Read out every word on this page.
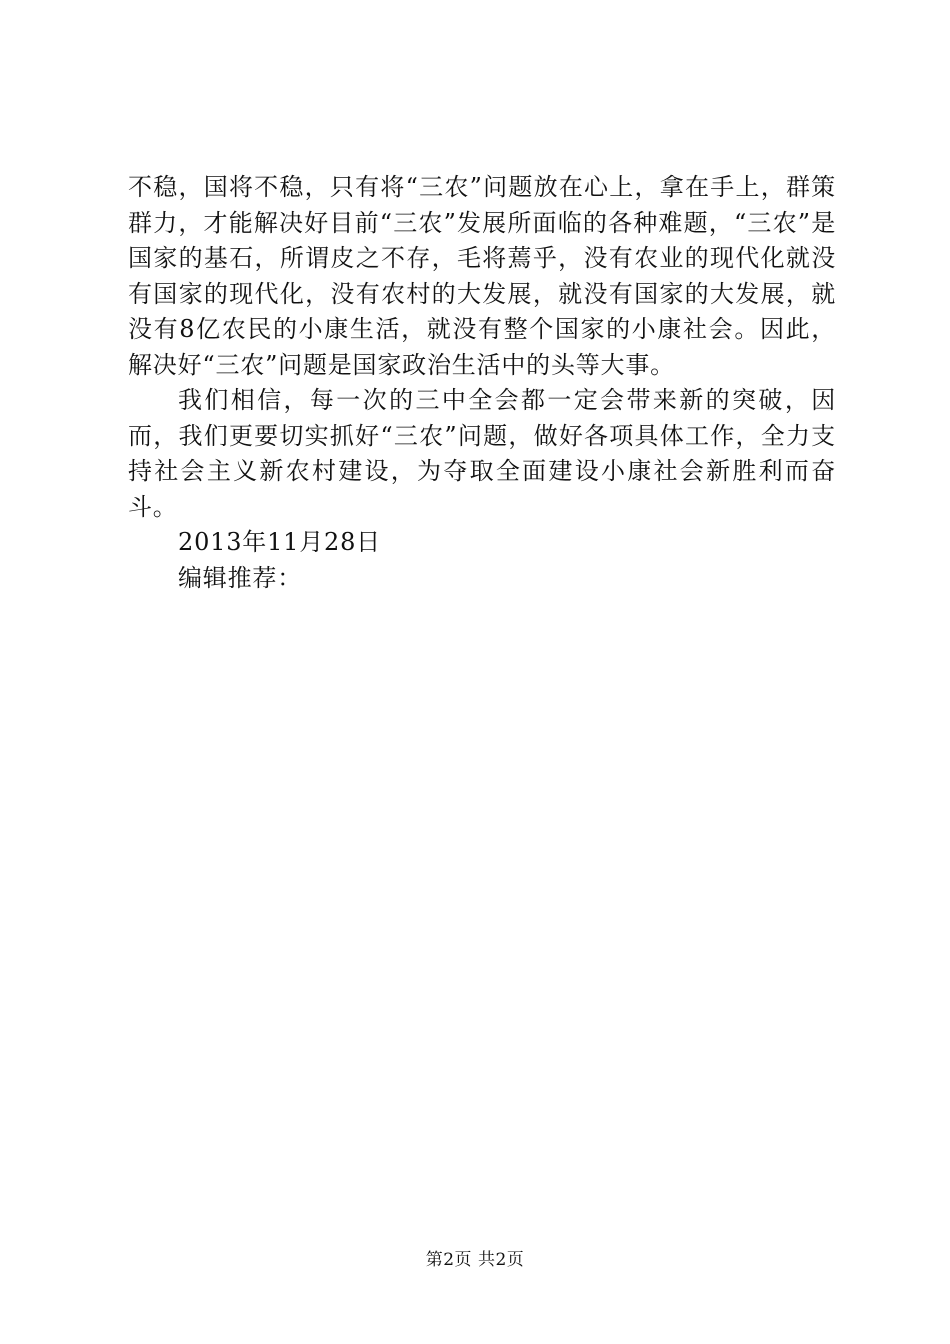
不稳，国将不稳，只有将“三农”问题放在心上，拿在手上，群策群力，才能解决好目前“三农”发展所面临的各种难题，“三农”是国家的基石，所谓皮之不存，毛将蔫乎，没有农业的现代化就没有国家的现代化，没有农村的大发展，就没有国家的大发展，就没有8亿农民的小康生活，就没有整个国家的小康社会。因此，解决好“三农”问题是国家政治生活中的头等大事。

我们相信，每一次的三中全会都一定会带来新的突破，因而，我们更要切实抓好“三农”问题，做好各项具体工作，全力支持社会主义新农村建设，为夺取全面建设小康社会新胜利而奋斗。

2013年11月28日

编辑推荐：

第2页 共2页
